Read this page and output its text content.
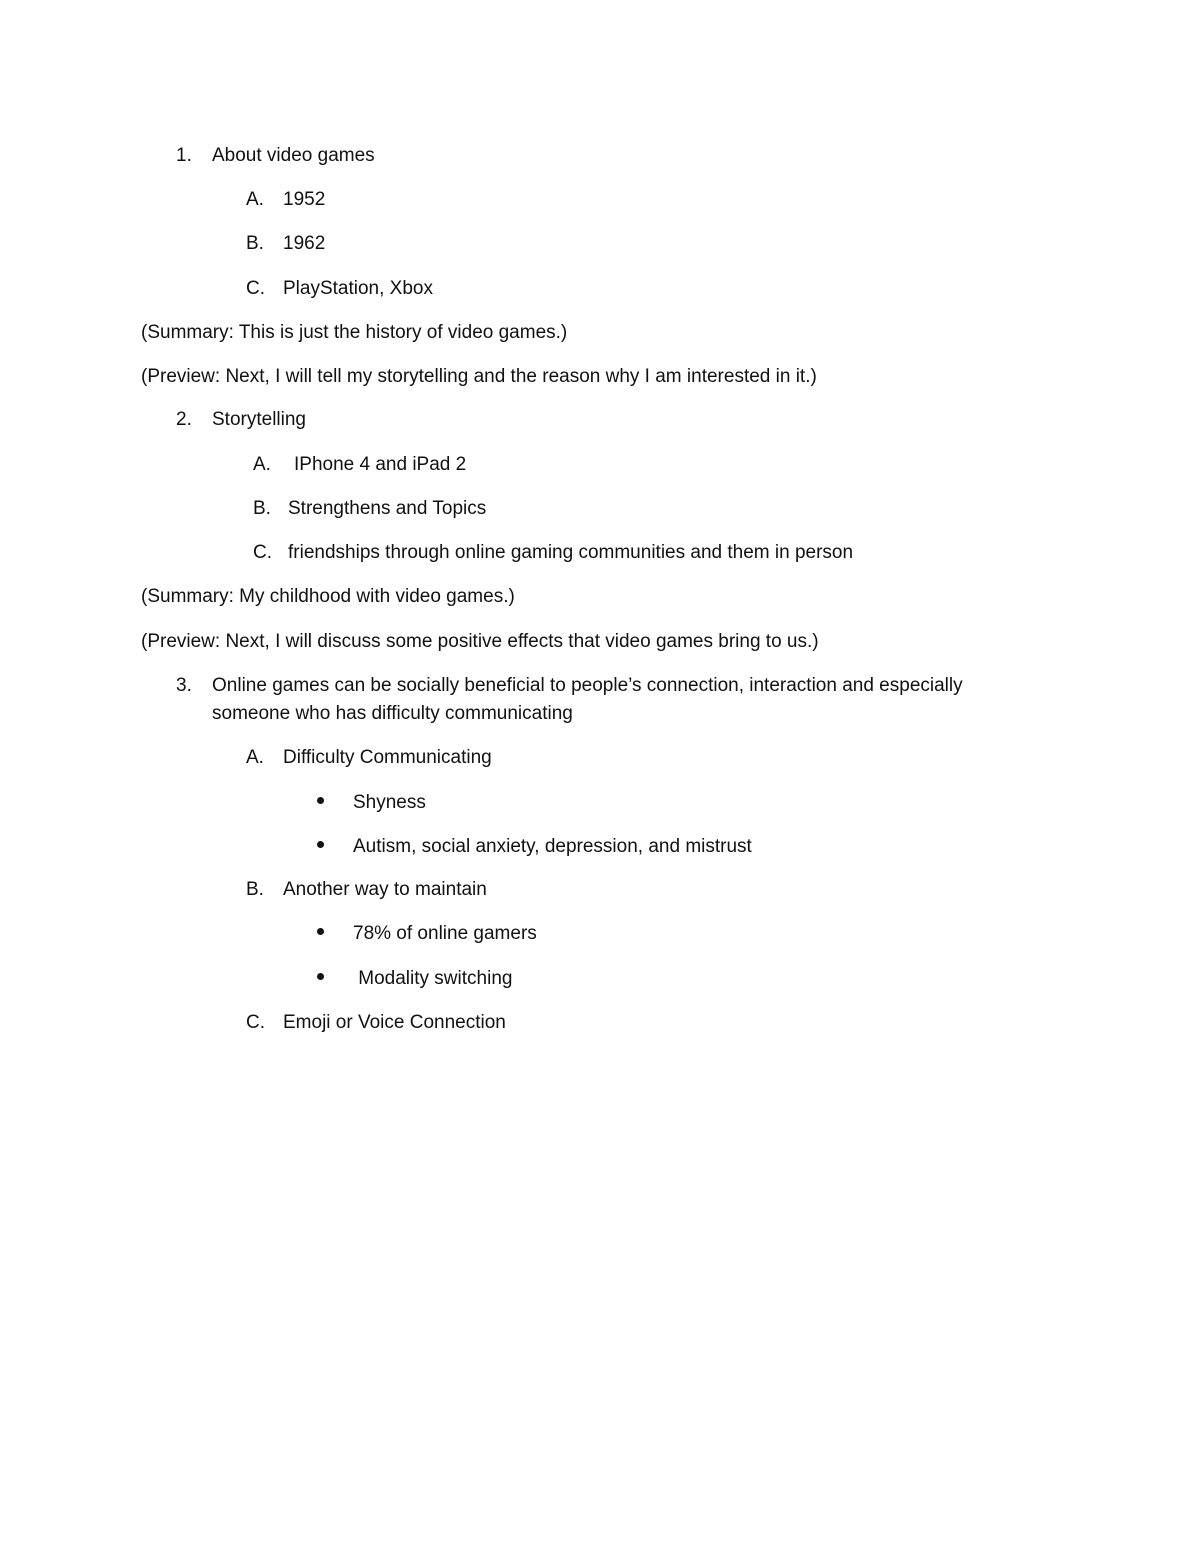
1. About video games
A. 1952
B. 1962
C. PlayStation, Xbox
(Summary: This is just the history of video games.)
(Preview: Next, I will tell my storytelling and the reason why I am interested in it.)
2. Storytelling
A. IPhone 4 and iPad 2
B. Strengthens and Topics
C. friendships through online gaming communities and them in person
(Summary: My childhood with video games.)
(Preview: Next, I will discuss some positive effects that video games bring to us.)
3. Online games can be socially beneficial to people’s connection, interaction and especially
someone who has difficulty communicating
A. Difficulty Communicating
Shyness
Autism, social anxiety, depression, and mistrust
B. Another way to maintain
78% of online gamers
Modality switching
C. Emoji or Voice Connection
